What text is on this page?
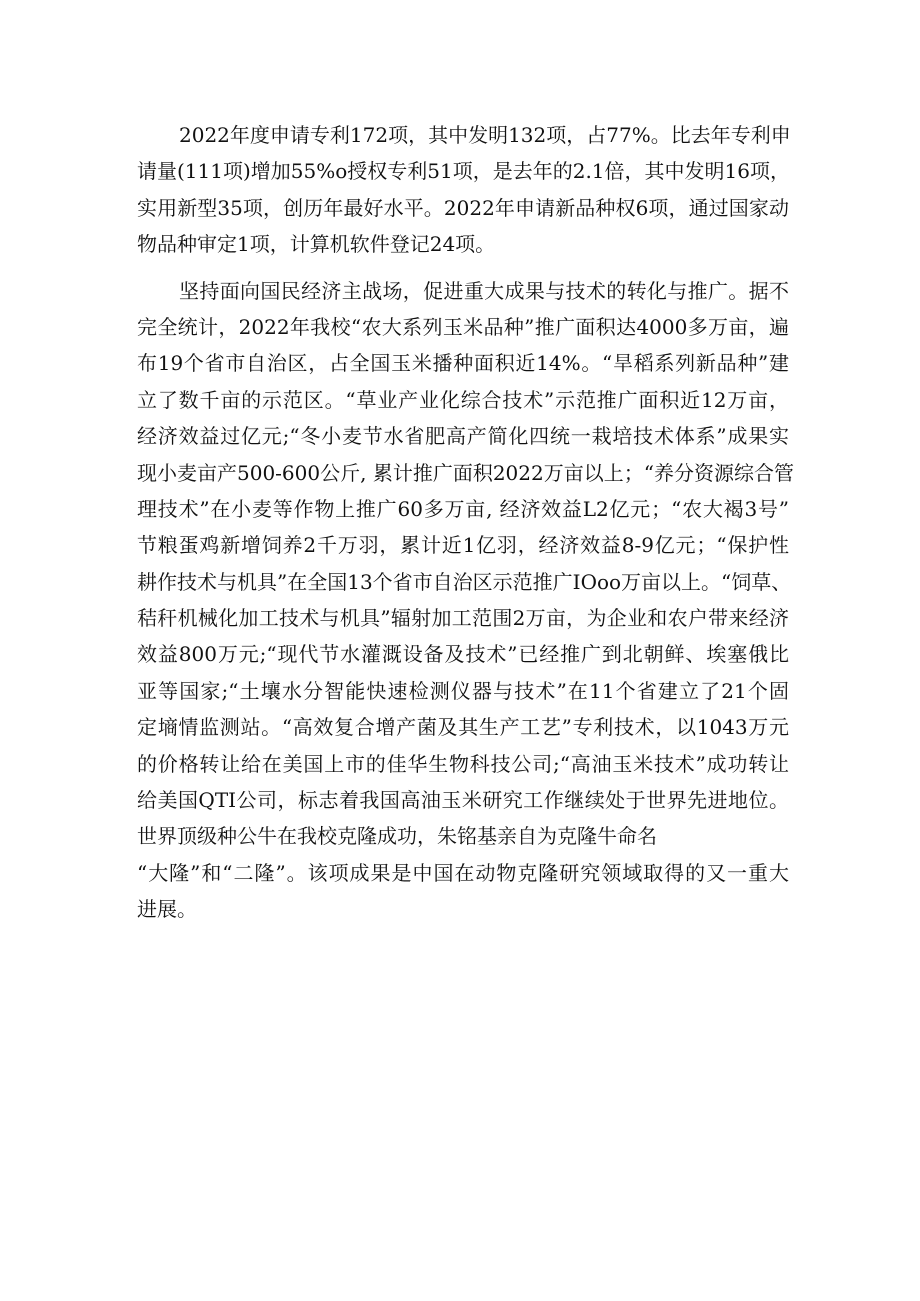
2022年度申请专利172项，其中发明132项，占77%。比去年专利申
请量(111项)增加55%o授权专利51项，是去年的2.1倍，其中发明16项，
实用新型35项，创历年最好水平。2022年申请新品种权6项，通过国家动
物品种审定1项，计算机软件登记24项。
坚持面向国民经济主战场，促进重大成果与技术的转化与推广。据不
完全统计，2022年我校“农大系列玉米品种”推广面积达4000多万亩，遍
布19个省市自治区，占全国玉米播种面积近14%。“旱稻系列新品种”建
立了数千亩的示范区。“草业产业化综合技术”示范推广面积近12万亩，
经济效益过亿元;“冬小麦节水省肥高产简化四统一栽培技术体系”成果实
现小麦亩产500-600公斤, 累计推广面积2022万亩以上；“养分资源综合管
理技术”在小麦等作物上推广60多万亩, 经济效益L2亿元；“农大褐3号”
节粮蛋鸡新增饲养2千万羽，累计近1亿羽，经济效益8-9亿元；“保护性
耕作技术与机具”在全国13个省市自治区示范推广IOoo万亩以上。“饲草、
秸秆机械化加工技术与机具”辐射加工范围2万亩，为企业和农户带来经济
效益800万元;“现代节水灌溉设备及技术”已经推广到北朝鲜、埃塞俄比
亚等国家;“土壤水分智能快速检测仪器与技术”在11个省建立了21个固
定墒情监测站。“高效复合增产菌及其生产工艺”专利技术，以1043万元
的价格转让给在美国上市的佳华生物科技公司;“高油玉米技术”成功转让
给美国QTI公司，标志着我国高油玉米研究工作继续处于世界先进地位。
世界顶级种公牛在我校克隆成功，朱铭基亲自为克隆牛命名
“大隆”和“二隆”。该项成果是中国在动物克隆研究领域取得的又一重大
进展。
